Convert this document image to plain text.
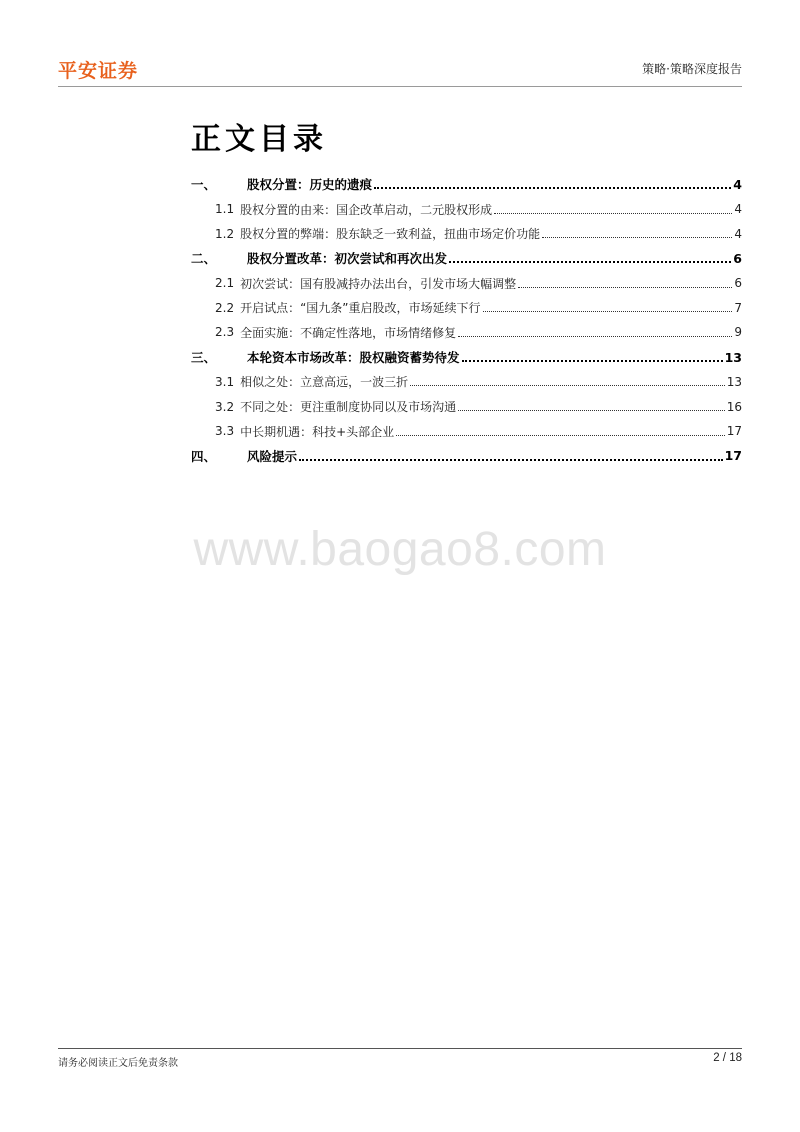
平安证券	策略·策略深度报告
正文目录
一、	股权分置：历史的遗痕	4
1.1 股权分置的由来：国企改革启动，二元股权形成	4
1.2 股权分置的弊端：股东缺乏一致利益，扭曲市场定价功能	4
二、	股权分置改革：初次尝试和再次出发	6
2.1 初次尝试：国有股减持办法出台，引发市场大幅调整	6
2.2 开启试点：“国九条”重启股改，市场延续下行	7
2.3 全面实施：不确定性落地，市场情绪修复	9
三、	本轮资本市场改革：股权融资蓄势待发	13
3.1 相似之处：立意高远，一波三折	13
3.2 不同之处：更注重制度协同以及市场沟通	16
3.3 中长期机遇：科技+头部企业	17
四、	风险提示	17
www.baogao8.com
请务必阅读正文后免责条款	2 / 18
